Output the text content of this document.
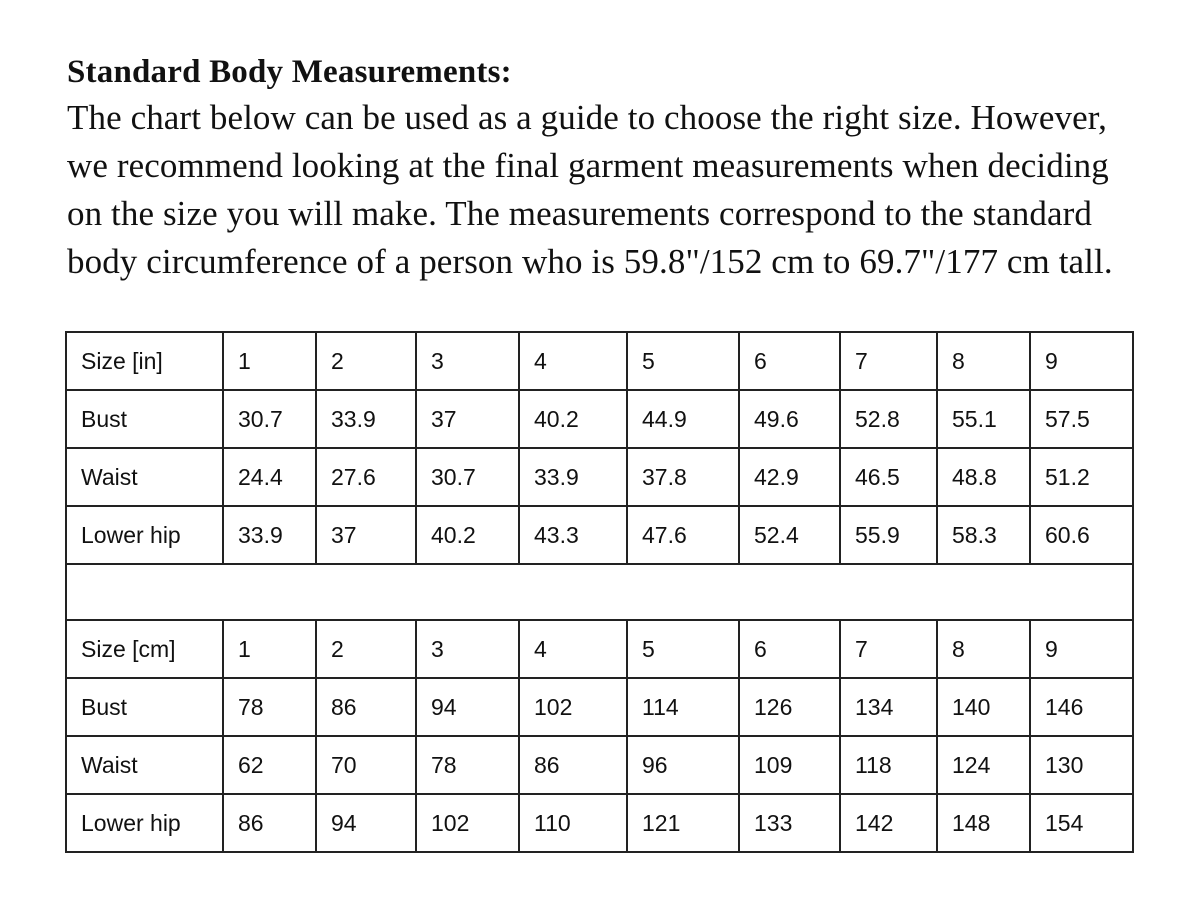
Standard Body Measurements:

The chart below can be used as a guide to choose the right size. However,

we recommend looking at the final garment measurements when deciding

on the size you will make. The measurements correspond to the standard

body circumference of a person who is 59.8"/152 cm to 69.7"/177 cm tall.

Size [in]	1	2	3	4	5	6	7	8	9
Bust	30.7	33.9	37	40.2	44.9	49.6	52.8	55.1	57.5
Waist	24.4	27.6	30.7	33.9	37.8	42.9	46.5	48.8	51.2
Lower hip	33.9	37	40.2	43.3	47.6	52.4	55.9	58.3	60.6

Size [cm]	1	2	3	4	5	6	7	8	9
Bust	78	86	94	102	114	126	134	140	146
Waist	62	70	78	86	96	109	118	124	130
Lower hip	86	94	102	110	121	133	142	148	154
